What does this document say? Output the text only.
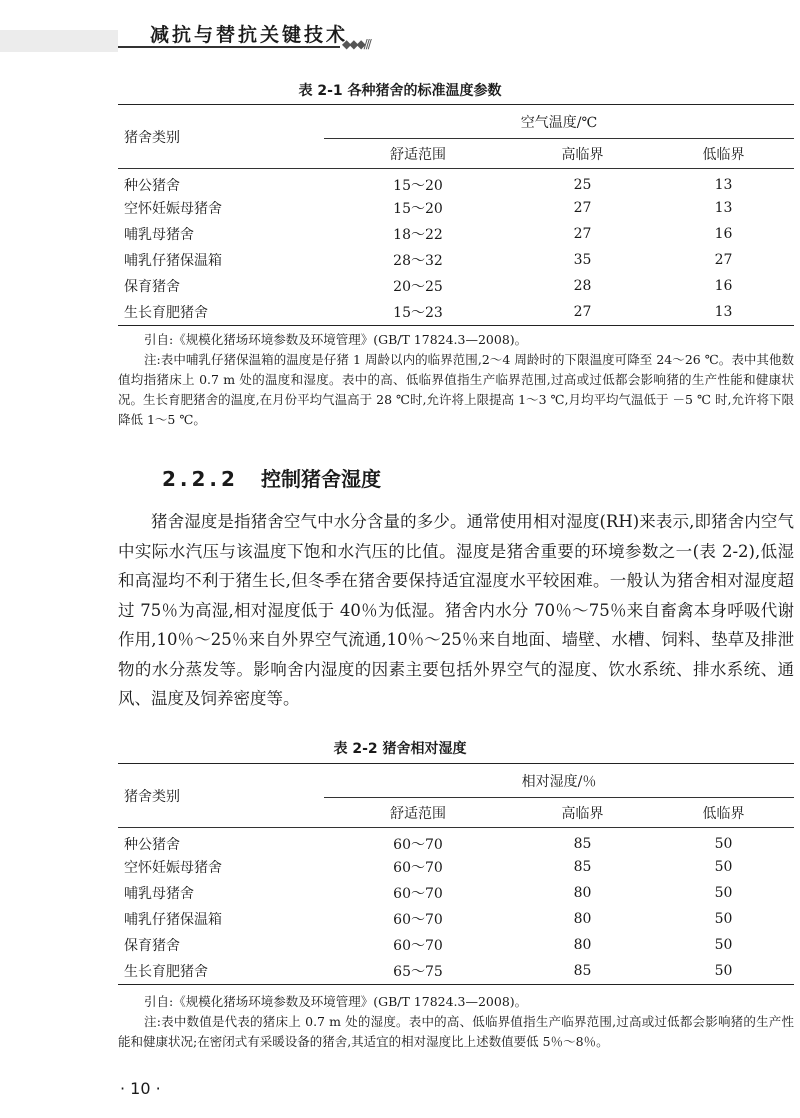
减抗与替抗关键技术
◆◆◆///
表 2-1 各种猪舍的标准温度参数
猪舍类别	空气温度/℃		
	舒适范围	高临界	低临界
种公猪舍	15～20	25	13
空怀妊娠母猪舍	15～20	27	13
哺乳母猪舍	18～22	27	16
哺乳仔猪保温箱	28～32	35	27
保育猪舍	20～25	28	16
生长育肥猪舍	15～23	27	13

引自:《规模化猪场环境参数及环境管理》(GB/T 17824.3—2008)。

注:表中哺乳仔猪保温箱的温度是仔猪 1 周龄以内的临界范围,2～4 周龄时的下限温度可降至 24～26 ℃。表中其他数值均指猪床上 0.7 m 处的温度和湿度。表中的高、低临界值指生产临界范围,过高或过低都会影响猪的生产性能和健康状况。生长育肥猪舍的温度,在月份平均气温高于 28 ℃时,允许将上限提高 1～3 ℃,月均平均气温低于 －5 ℃ 时,允许将下限降低 1～5 ℃。

2.2.2 控制猪舍湿度
猪舍湿度是指猪舍空气中水分含量的多少。通常使用相对湿度(RH)来表示,即猪舍内空气中实际水汽压与该温度下饱和水汽压的比值。湿度是猪舍重要的环境参数之一(表 2-2),低湿和高湿均不利于猪生长,但冬季在猪舍要保持适宜湿度水平较困难。一般认为猪舍相对湿度超过 75％为高湿,相对湿度低于 40％为低湿。猪舍内水分 70％～75％来自畜禽本身呼吸代谢作用,10％～25％来自外界空气流通,10％～25％来自地面、墙壁、水槽、饲料、垫草及排泄物的水分蒸发等。影响舍内湿度的因素主要包括外界空气的湿度、饮水系统、排水系统、通风、温度及饲养密度等。
表 2-2 猪舍相对湿度
猪舍类别	相对湿度/％		
	舒适范围	高临界	低临界
种公猪舍	60～70	85	50
空怀妊娠母猪舍	60～70	85	50
哺乳母猪舍	60～70	80	50
哺乳仔猪保温箱	60～70	80	50
保育猪舍	60～70	80	50
生长育肥猪舍	65～75	85	50

引自:《规模化猪场环境参数及环境管理》(GB/T 17824.3—2008)。

注:表中数值是代表的猪床上 0.7 m 处的湿度。表中的高、低临界值指生产临界范围,过高或过低都会影响猪的生产性能和健康状况;在密闭式有采暖设备的猪舍,其适宜的相对湿度比上述数值要低 5％～8％。

· 10 ·
